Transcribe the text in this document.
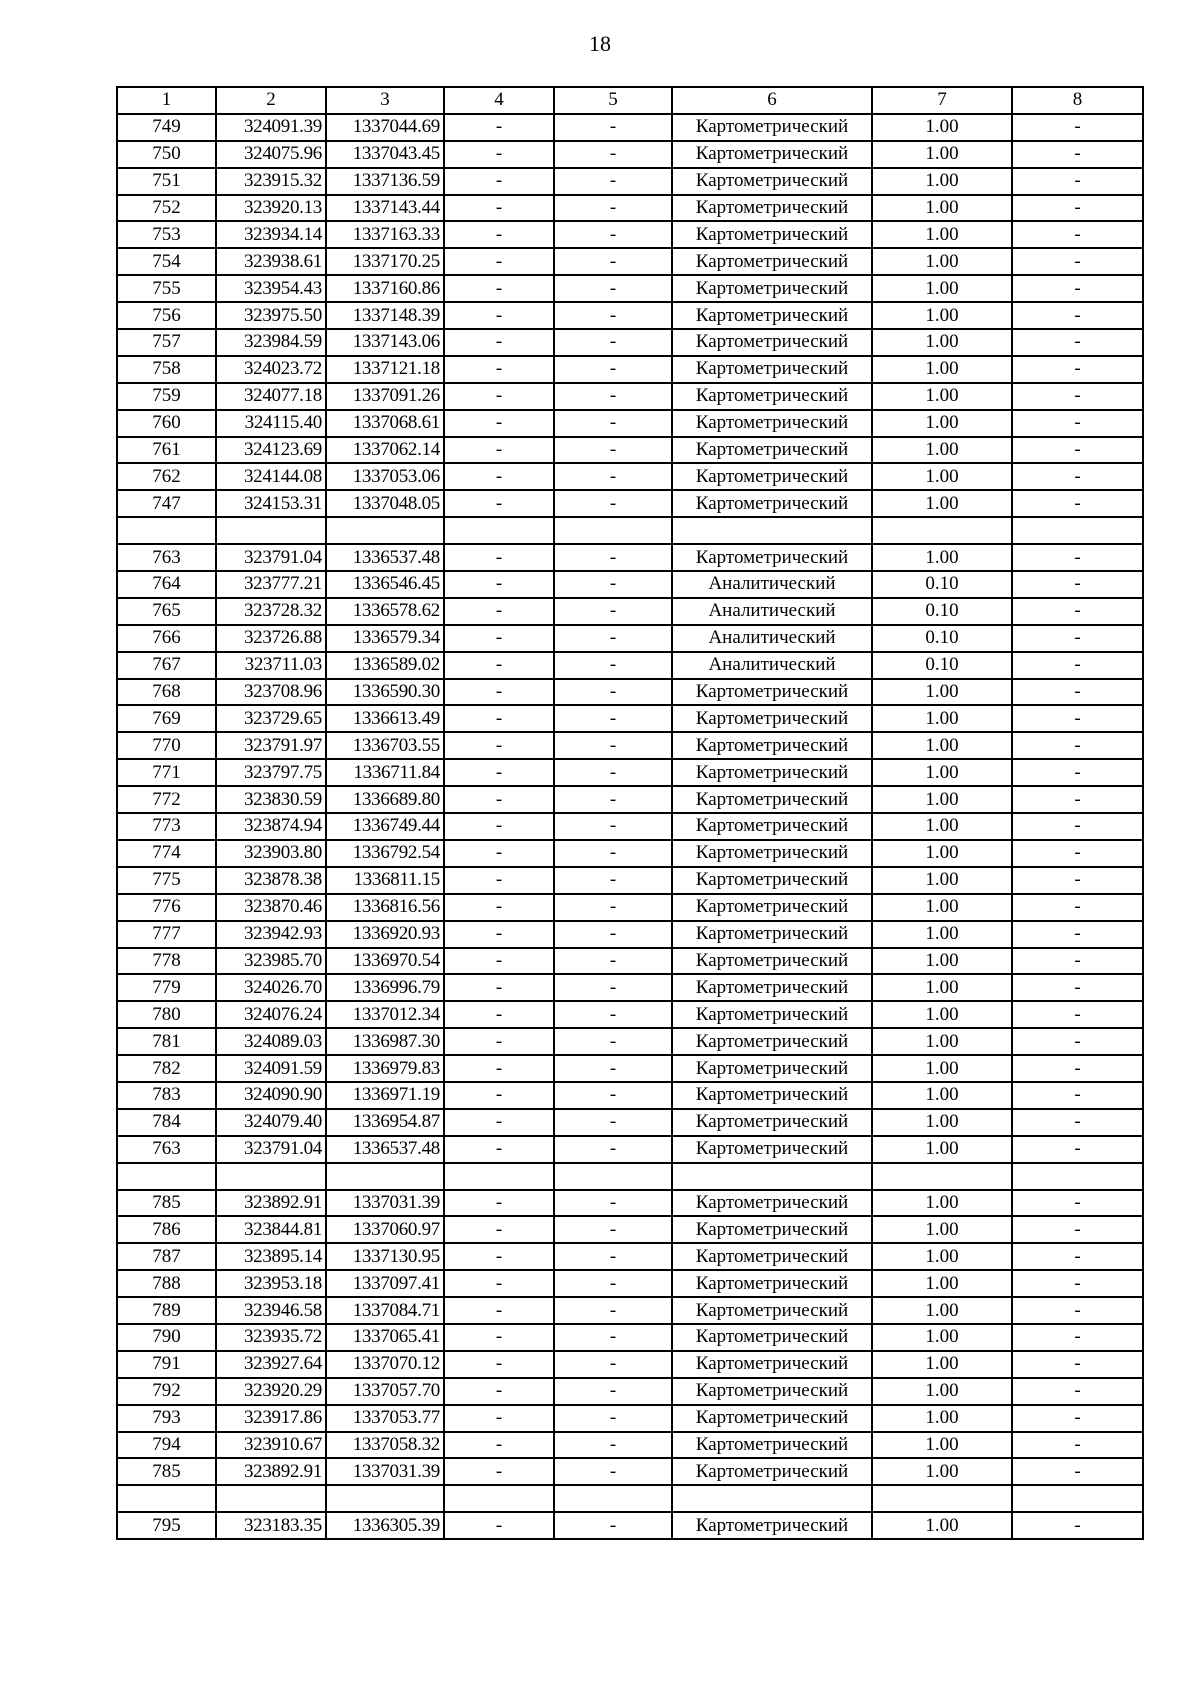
18
1	2	3	4	5	6	7	8
749	324091.39	1337044.69	-	-	Картометрический	1.00	-
750	324075.96	1337043.45	-	-	Картометрический	1.00	-
751	323915.32	1337136.59	-	-	Картометрический	1.00	-
752	323920.13	1337143.44	-	-	Картометрический	1.00	-
753	323934.14	1337163.33	-	-	Картометрический	1.00	-
754	323938.61	1337170.25	-	-	Картометрический	1.00	-
755	323954.43	1337160.86	-	-	Картометрический	1.00	-
756	323975.50	1337148.39	-	-	Картометрический	1.00	-
757	323984.59	1337143.06	-	-	Картометрический	1.00	-
758	324023.72	1337121.18	-	-	Картометрический	1.00	-
759	324077.18	1337091.26	-	-	Картометрический	1.00	-
760	324115.40	1337068.61	-	-	Картометрический	1.00	-
761	324123.69	1337062.14	-	-	Картометрический	1.00	-
762	324144.08	1337053.06	-	-	Картометрический	1.00	-
747	324153.31	1337048.05	-	-	Картометрический	1.00	-

763	323791.04	1336537.48	-	-	Картометрический	1.00	-
764	323777.21	1336546.45	-	-	Аналитический	0.10	-
765	323728.32	1336578.62	-	-	Аналитический	0.10	-
766	323726.88	1336579.34	-	-	Аналитический	0.10	-
767	323711.03	1336589.02	-	-	Аналитический	0.10	-
768	323708.96	1336590.30	-	-	Картометрический	1.00	-
769	323729.65	1336613.49	-	-	Картометрический	1.00	-
770	323791.97	1336703.55	-	-	Картометрический	1.00	-
771	323797.75	1336711.84	-	-	Картометрический	1.00	-
772	323830.59	1336689.80	-	-	Картометрический	1.00	-
773	323874.94	1336749.44	-	-	Картометрический	1.00	-
774	323903.80	1336792.54	-	-	Картометрический	1.00	-
775	323878.38	1336811.15	-	-	Картометрический	1.00	-
776	323870.46	1336816.56	-	-	Картометрический	1.00	-
777	323942.93	1336920.93	-	-	Картометрический	1.00	-
778	323985.70	1336970.54	-	-	Картометрический	1.00	-
779	324026.70	1336996.79	-	-	Картометрический	1.00	-
780	324076.24	1337012.34	-	-	Картометрический	1.00	-
781	324089.03	1336987.30	-	-	Картометрический	1.00	-
782	324091.59	1336979.83	-	-	Картометрический	1.00	-
783	324090.90	1336971.19	-	-	Картометрический	1.00	-
784	324079.40	1336954.87	-	-	Картометрический	1.00	-
763	323791.04	1336537.48	-	-	Картометрический	1.00	-

785	323892.91	1337031.39	-	-	Картометрический	1.00	-
786	323844.81	1337060.97	-	-	Картометрический	1.00	-
787	323895.14	1337130.95	-	-	Картометрический	1.00	-
788	323953.18	1337097.41	-	-	Картометрический	1.00	-
789	323946.58	1337084.71	-	-	Картометрический	1.00	-
790	323935.72	1337065.41	-	-	Картометрический	1.00	-
791	323927.64	1337070.12	-	-	Картометрический	1.00	-
792	323920.29	1337057.70	-	-	Картометрический	1.00	-
793	323917.86	1337053.77	-	-	Картометрический	1.00	-
794	323910.67	1337058.32	-	-	Картометрический	1.00	-
785	323892.91	1337031.39	-	-	Картометрический	1.00	-

795	323183.35	1336305.39	-	-	Картометрический	1.00	-
